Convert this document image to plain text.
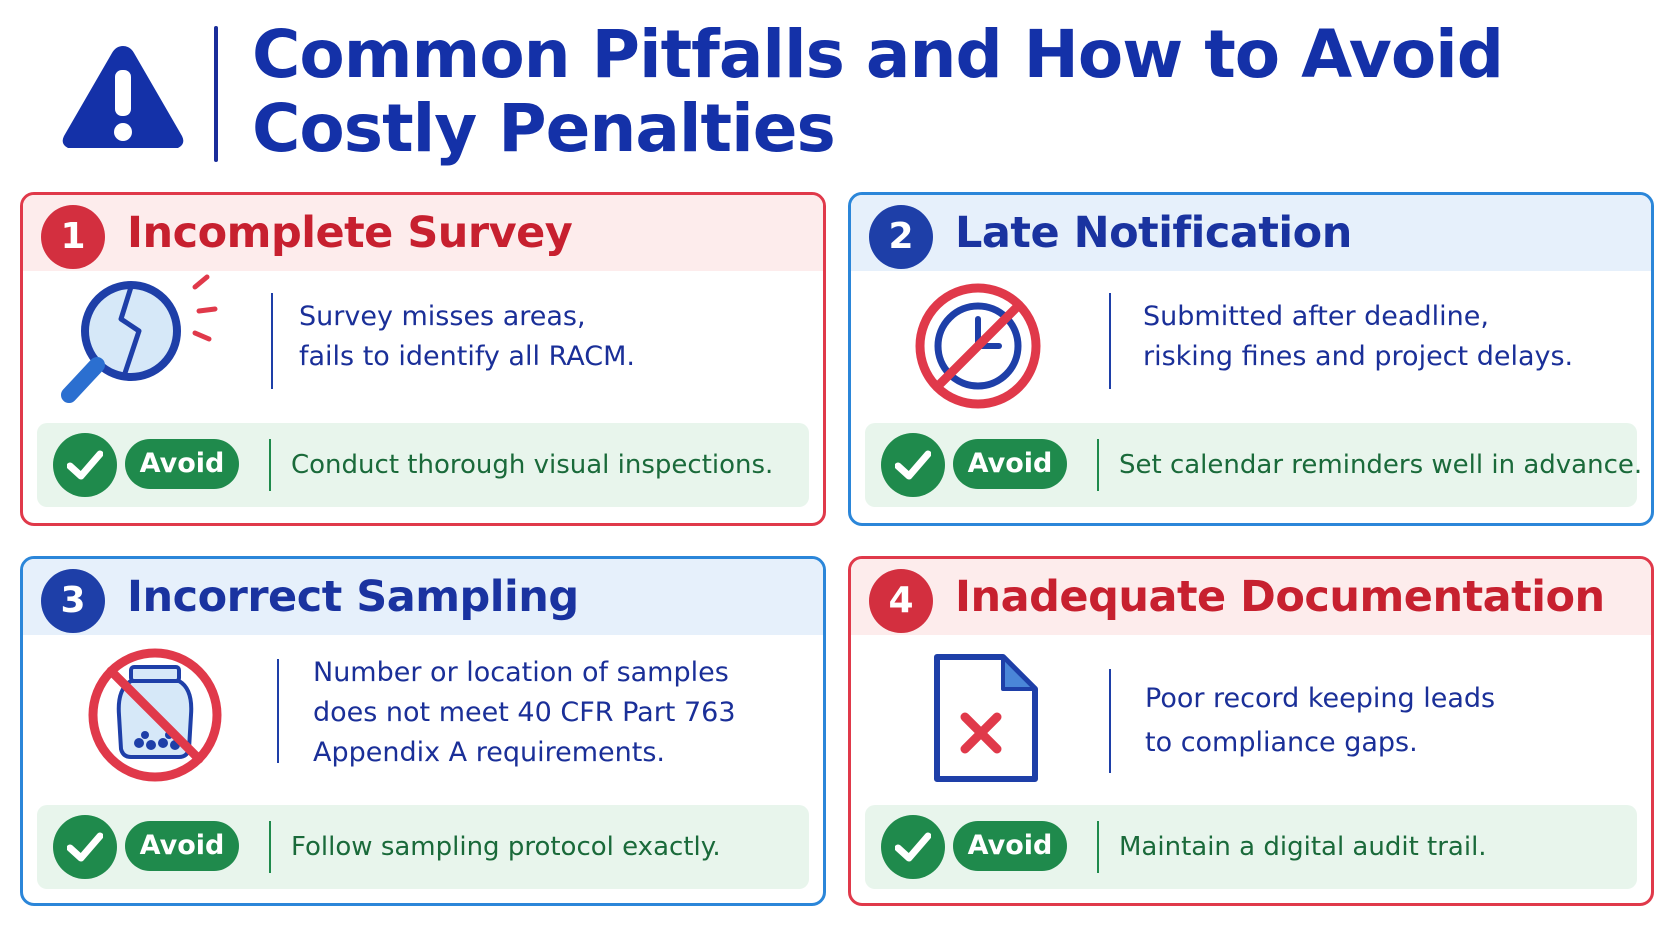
Common Pitfalls and How to Avoid Costly Penalties
1 Incomplete Survey
Survey misses areas,
fails to identify all RACM.
Avoid	Conduct thorough visual inspections.
2 Late Notification
Submitted after deadline,
risking fines and project delays.
Avoid	Set calendar reminders well in advance.
3 Incorrect Sampling
Number or location of samples
does not meet 40 CFR Part 763
Appendix A requirements.
Avoid	Follow sampling protocol exactly.
4 Inadequate Documentation
Poor record keeping leads
to compliance gaps.
Avoid	Maintain a digital audit trail.
